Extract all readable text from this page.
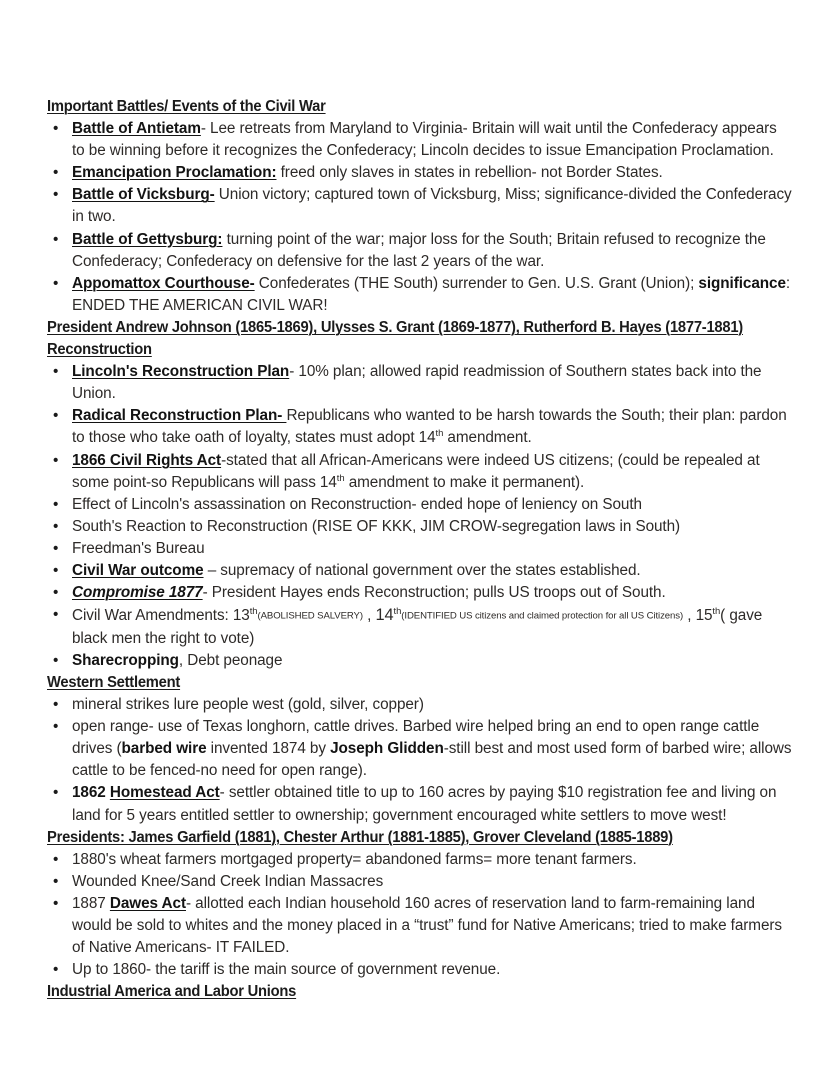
Important Battles/ Events of the Civil War
• Battle of Antietam- Lee retreats from Maryland to Virginia- Britain will wait until the Confederacy appears to be winning before it recognizes the Confederacy; Lincoln decides to issue Emancipation Proclamation.
• Emancipation Proclamation: freed only slaves in states in rebellion- not Border States.
• Battle of Vicksburg- Union victory; captured town of Vicksburg, Miss; significance-divided the Confederacy in two.
• Battle of Gettysburg: turning point of the war; major loss for the South; Britain refused to recognize the Confederacy; Confederacy on defensive for the last 2 years of the war.
• Appomattox Courthouse- Confederates (THE South) surrender to Gen. U.S. Grant (Union); significance: ENDED THE AMERICAN CIVIL WAR!
President Andrew Johnson (1865-1869), Ulysses S. Grant (1869-1877), Rutherford B. Hayes (1877-1881)
Reconstruction
• Lincoln's Reconstruction Plan- 10% plan; allowed rapid readmission of Southern states back into the Union.
• Radical Reconstruction Plan- Republicans who wanted to be harsh towards the South; their plan: pardon to those who take oath of loyalty, states must adopt 14th amendment.
• 1866 Civil Rights Act-stated that all African-Americans were indeed US citizens; (could be repealed at some point-so Republicans will pass 14th amendment to make it permanent).
• Effect of Lincoln's assassination on Reconstruction- ended hope of leniency on South
• South's Reaction to Reconstruction (RISE OF KKK, JIM CROW-segregation laws in South)
• Freedman's Bureau
• Civil War outcome – supremacy of national government over the states established.
• Compromise 1877- President Hayes ends Reconstruction; pulls US troops out of South.
• Civil War Amendments: 13th(ABOLISHED SALVERY) , 14th(IDENTIFIED US citizens and claimed protection for all US Citizens) , 15th( gave black men the right to vote)
• Sharecropping, Debt peonage
Western Settlement
• mineral strikes lure people west (gold, silver, copper)
• open range- use of Texas longhorn, cattle drives. Barbed wire helped bring an end to open range cattle drives (barbed wire invented 1874 by Joseph Glidden-still best and most used form of barbed wire; allows cattle to be fenced-no need for open range).
• 1862 Homestead Act- settler obtained title to up to 160 acres by paying $10 registration fee and living on land for 5 years entitled settler to ownership; government encouraged white settlers to move west!
Presidents: James Garfield (1881), Chester Arthur (1881-1885), Grover Cleveland (1885-1889)
• 1880's wheat farmers mortgaged property= abandoned farms= more tenant farmers.
• Wounded Knee/Sand Creek Indian Massacres
• 1887 Dawes Act- allotted each Indian household 160 acres of reservation land to farm-remaining land would be sold to whites and the money placed in a “trust” fund for Native Americans; tried to make farmers of Native Americans- IT FAILED.
• Up to 1860- the tariff is the main source of government revenue.
Industrial America and Labor Unions
